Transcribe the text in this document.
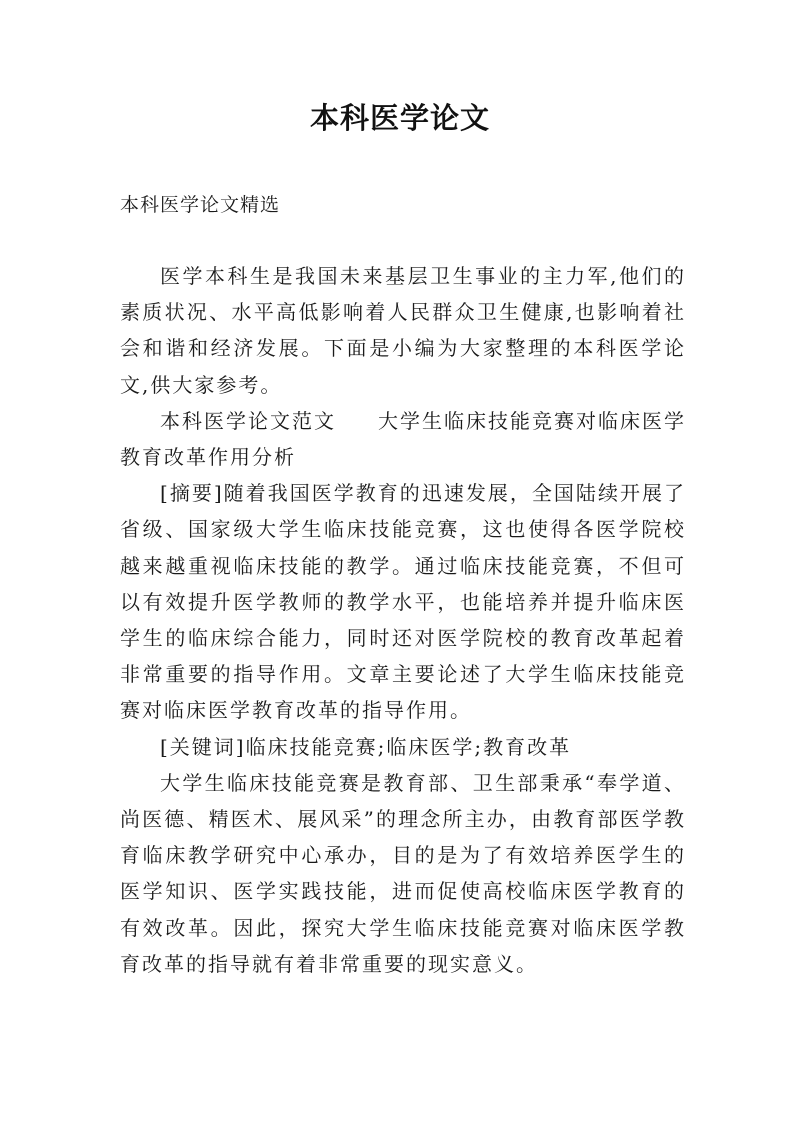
本科医学论文
本科医学论文精选

医学本科生是我国未来基层卫生事业的主力军,他们的素质状况、水平高低影响着人民群众卫生健康,也影响着社会和谐和经济发展。下面是小编为大家整理的本科医学论文,供大家参考。

本科医学论文范文 大学生临床技能竞赛对临床医学教育改革作用分析

[摘要]随着我国医学教育的迅速发展，全国陆续开展了省级、国家级大学生临床技能竞赛，这也使得各医学院校越来越重视临床技能的教学。通过临床技能竞赛，不但可以有效提升医学教师的教学水平，也能培养并提升临床医学生的临床综合能力，同时还对医学院校的教育改革起着非常重要的指导作用。文章主要论述了大学生临床技能竞赛对临床医学教育改革的指导作用。

[关键词]临床技能竞赛;临床医学;教育改革

大学生临床技能竞赛是教育部、卫生部秉承“奉学道、尚医德、精医术、展风采”的理念所主办，由教育部医学教育临床教学研究中心承办，目的是为了有效培养医学生的医学知识、医学实践技能，进而促使高校临床医学教育的有效改革。因此，探究大学生临床技能竞赛对临床医学教育改革的指导就有着非常重要的现实意义。
